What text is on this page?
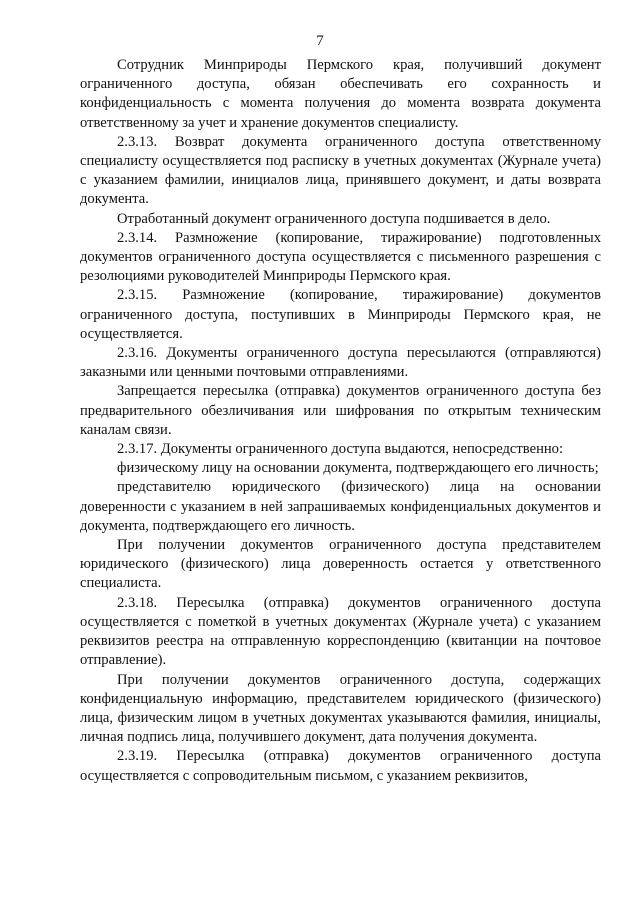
7

Сотрудник Минприроды Пермского края, получивший документ ограниченного доступа, обязан обеспечивать его сохранность и конфиденциальность с момента получения до момента возврата документа ответственному за учет и хранение документов специалисту.

2.3.13. Возврат документа ограниченного доступа ответственному специалисту осуществляется под расписку в учетных документах (Журнале учета) с указанием фамилии, инициалов лица, принявшего документ, и даты возврата документа.

Отработанный документ ограниченного доступа подшивается в дело.

2.3.14. Размножение (копирование, тиражирование) подготовленных документов ограниченного доступа осуществляется с письменного разрешения с резолюциями руководителей Минприроды Пермского края.

2.3.15. Размножение (копирование, тиражирование) документов ограниченного доступа, поступивших в Минприроды Пермского края, не осуществляется.

2.3.16. Документы ограниченного доступа пересылаются (отправляются) заказными или ценными почтовыми отправлениями.

Запрещается пересылка (отправка) документов ограниченного доступа без предварительного обезличивания или шифрования по открытым техническим каналам связи.

2.3.17. Документы ограниченного доступа выдаются, непосредственно:

физическому лицу на основании документа, подтверждающего его личность;

представителю юридического (физического) лица на основании доверенности с указанием в ней запрашиваемых конфиденциальных документов и документа, подтверждающего его личность.

При получении документов ограниченного доступа представителем юридического (физического) лица доверенность остается у ответственного специалиста.

2.3.18. Пересылка (отправка) документов ограниченного доступа осуществляется с пометкой в учетных документах (Журнале учета) с указанием реквизитов реестра на отправленную корреспонденцию (квитанции на почтовое отправление).

При получении документов ограниченного доступа, содержащих конфиденциальную информацию, представителем юридического (физического) лица, физическим лицом в учетных документах указываются фамилия, инициалы, личная подпись лица, получившего документ, дата получения документа.

2.3.19. Пересылка (отправка) документов ограниченного доступа осуществляется с сопроводительным письмом, с указанием реквизитов,
